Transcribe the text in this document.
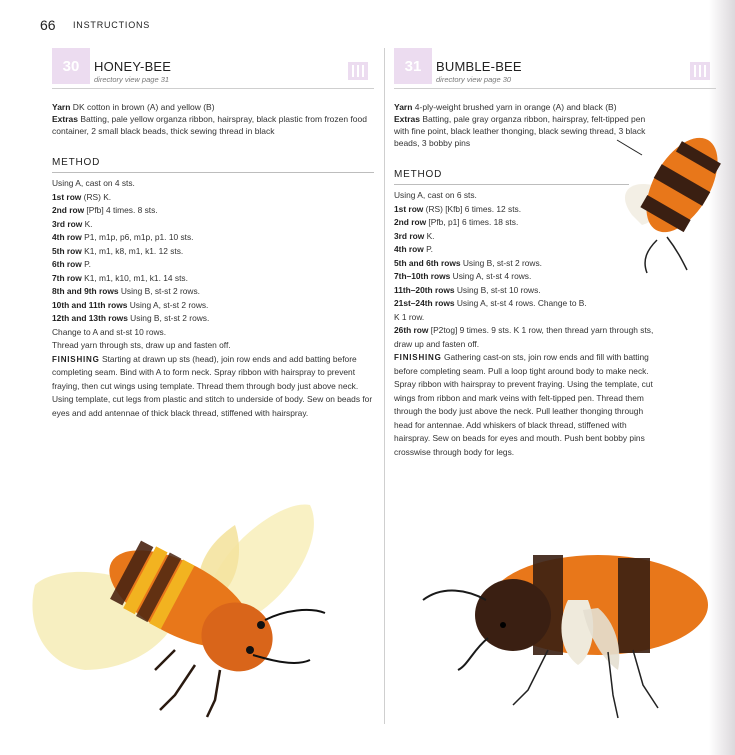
66 INSTRUCTIONS
30	HONEY-BEE
directory view page 31
Yarn DK cotton in brown (A) and yellow (B)
Extras Batting, pale yellow organza ribbon, hairspray, black plastic from frozen food container, 2 small black beads, thick sewing thread in black
METHOD
Using A, cast on 4 sts.
1st row (RS) K.
2nd row [Pfb] 4 times. 8 sts.
3rd row K.
4th row P1, m1p, p6, m1p, p1. 10 sts.
5th row K1, m1, k8, m1, k1. 12 sts.
6th row P.
7th row K1, m1, k10, m1, k1. 14 sts.
8th and 9th rows Using B, st-st 2 rows.
10th and 11th rows Using A, st-st 2 rows.
12th and 13th rows Using B, st-st 2 rows.
Change to A and st-st 10 rows.
Thread yarn through sts, draw up and fasten off.
FINISHING Starting at drawn up sts (head), join row ends and add batting before completing seam. Bind with A to form neck. Spray ribbon with hairspray to prevent fraying, then cut wings using template. Thread them through body just above neck. Using template, cut legs from plastic and stitch to underside of body. Sew on beads for eyes and add antennae of thick black thread, stiffened with hairspray.
31	BUMBLE-BEE
directory view page 30
Yarn 4-ply-weight brushed yarn in orange (A) and black (B)
Extras Batting, pale gray organza ribbon, hairspray, felt-tipped pen with fine point, black leather thonging, black sewing thread, 3 black beads, 3 bobby pins
METHOD
Using A, cast on 6 sts.
1st row (RS) [Kfb] 6 times. 12 sts.
2nd row [Pfb, p1] 6 times. 18 sts.
3rd row K.
4th row P.
5th and 6th rows Using B, st-st 2 rows.
7th–10th rows Using A, st-st 4 rows.
11th–20th rows Using B, st-st 10 rows.
21st–24th rows Using A, st-st 4 rows. Change to B.
K 1 row.
26th row [P2tog] 9 times. 9 sts. K 1 row, then thread yarn through sts, draw up and fasten off.
FINISHING Gathering cast-on sts, join row ends and fill with batting before completing seam. Pull a loop tight around body to make neck. Spray ribbon with hairspray to prevent fraying. Using the template, cut wings from ribbon and mark veins with felt-tipped pen. Thread them through the body just above the neck. Pull leather thonging through head for antennae. Add whiskers of black thread, stiffened with hairspray. Sew on beads for eyes and mouth. Push bent bobby pins crosswise through body for legs.
